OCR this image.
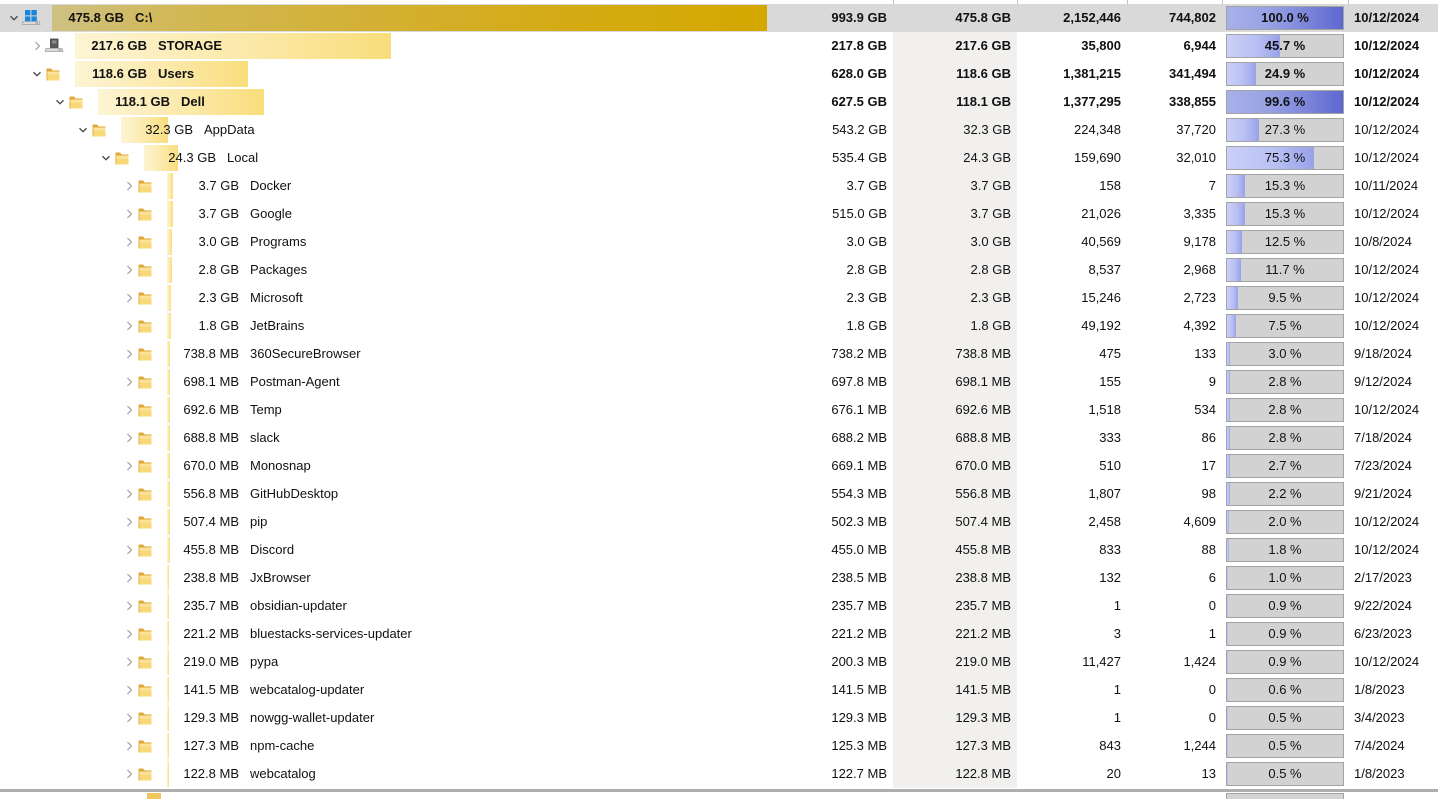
475.8 GB C:\	993.9 GB	475.8 GB	2,152,446	744,802	100.0 %	10/12/2024
217.6 GB STORAGE	217.8 GB	217.6 GB	35,800	6,944	45.7 %	10/12/2024
118.6 GB Users	628.0 GB	118.6 GB	1,381,215	341,494	24.9 %	10/12/2024
118.1 GB Dell	627.5 GB	118.1 GB	1,377,295	338,855	99.6 %	10/12/2024
32.3 GB AppData	543.2 GB	32.3 GB	224,348	37,720	27.3 %	10/12/2024
24.3 GB Local	535.4 GB	24.3 GB	159,690	32,010	75.3 %	10/12/2024
3.7 GB Docker	3.7 GB	3.7 GB	158	7	15.3 %	10/11/2024
3.7 GB Google	515.0 GB	3.7 GB	21,026	3,335	15.3 %	10/12/2024
3.0 GB Programs	3.0 GB	3.0 GB	40,569	9,178	12.5 %	10/8/2024
2.8 GB Packages	2.8 GB	2.8 GB	8,537	2,968	11.7 %	10/12/2024
2.3 GB Microsoft	2.3 GB	2.3 GB	15,246	2,723	9.5 %	10/12/2024
1.8 GB JetBrains	1.8 GB	1.8 GB	49,192	4,392	7.5 %	10/12/2024
738.8 MB 360SecureBrowser	738.2 MB	738.8 MB	475	133	3.0 %	9/18/2024
698.1 MB Postman-Agent	697.8 MB	698.1 MB	155	9	2.8 %	9/12/2024
692.6 MB Temp	676.1 MB	692.6 MB	1,518	534	2.8 %	10/12/2024
688.8 MB slack	688.2 MB	688.8 MB	333	86	2.8 %	7/18/2024
670.0 MB Monosnap	669.1 MB	670.0 MB	510	17	2.7 %	7/23/2024
556.8 MB GitHubDesktop	554.3 MB	556.8 MB	1,807	98	2.2 %	9/21/2024
507.4 MB pip	502.3 MB	507.4 MB	2,458	4,609	2.0 %	10/12/2024
455.8 MB Discord	455.0 MB	455.8 MB	833	88	1.8 %	10/12/2024
238.8 MB JxBrowser	238.5 MB	238.8 MB	132	6	1.0 %	2/17/2023
235.7 MB obsidian-updater	235.7 MB	235.7 MB	1	0	0.9 %	9/22/2024
221.2 MB bluestacks-services-updater	221.2 MB	221.2 MB	3	1	0.9 %	6/23/2023
219.0 MB pypa	200.3 MB	219.0 MB	11,427	1,424	0.9 %	10/12/2024
141.5 MB webcatalog-updater	141.5 MB	141.5 MB	1	0	0.6 %	1/8/2023
129.3 MB nowgg-wallet-updater	129.3 MB	129.3 MB	1	0	0.5 %	3/4/2023
127.3 MB npm-cache	125.3 MB	127.3 MB	843	1,244	0.5 %	7/4/2024
122.8 MB webcatalog	122.7 MB	122.8 MB	20	13	0.5 %	1/8/2023
